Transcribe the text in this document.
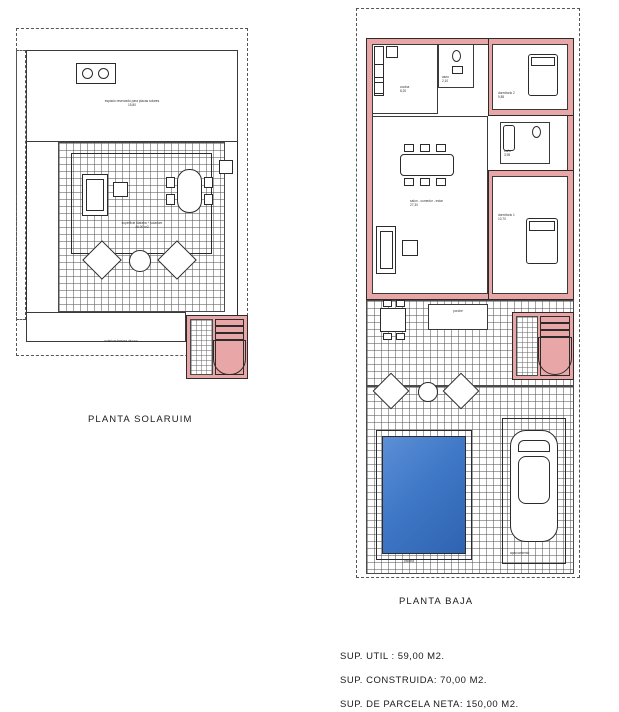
espacio reservado para placas solares
15,80
superficie diafana + solarium
46,00 m2
solarium terraza de uso
PLANTA SOLARUIM
cocina
8,20
aseo
2,10
dormitorio 2
9,85
baño
3,95
salon - comedor - estar
27,30
dormitorio 1
10,70
porche
piscina
aparcamiento
PLANTA BAJA
SUP. UTIL : 59,00 M2.
SUP. CONSTRUIDA: 70,00 M2.
SUP. DE PARCELA NETA: 150,00 M2.
